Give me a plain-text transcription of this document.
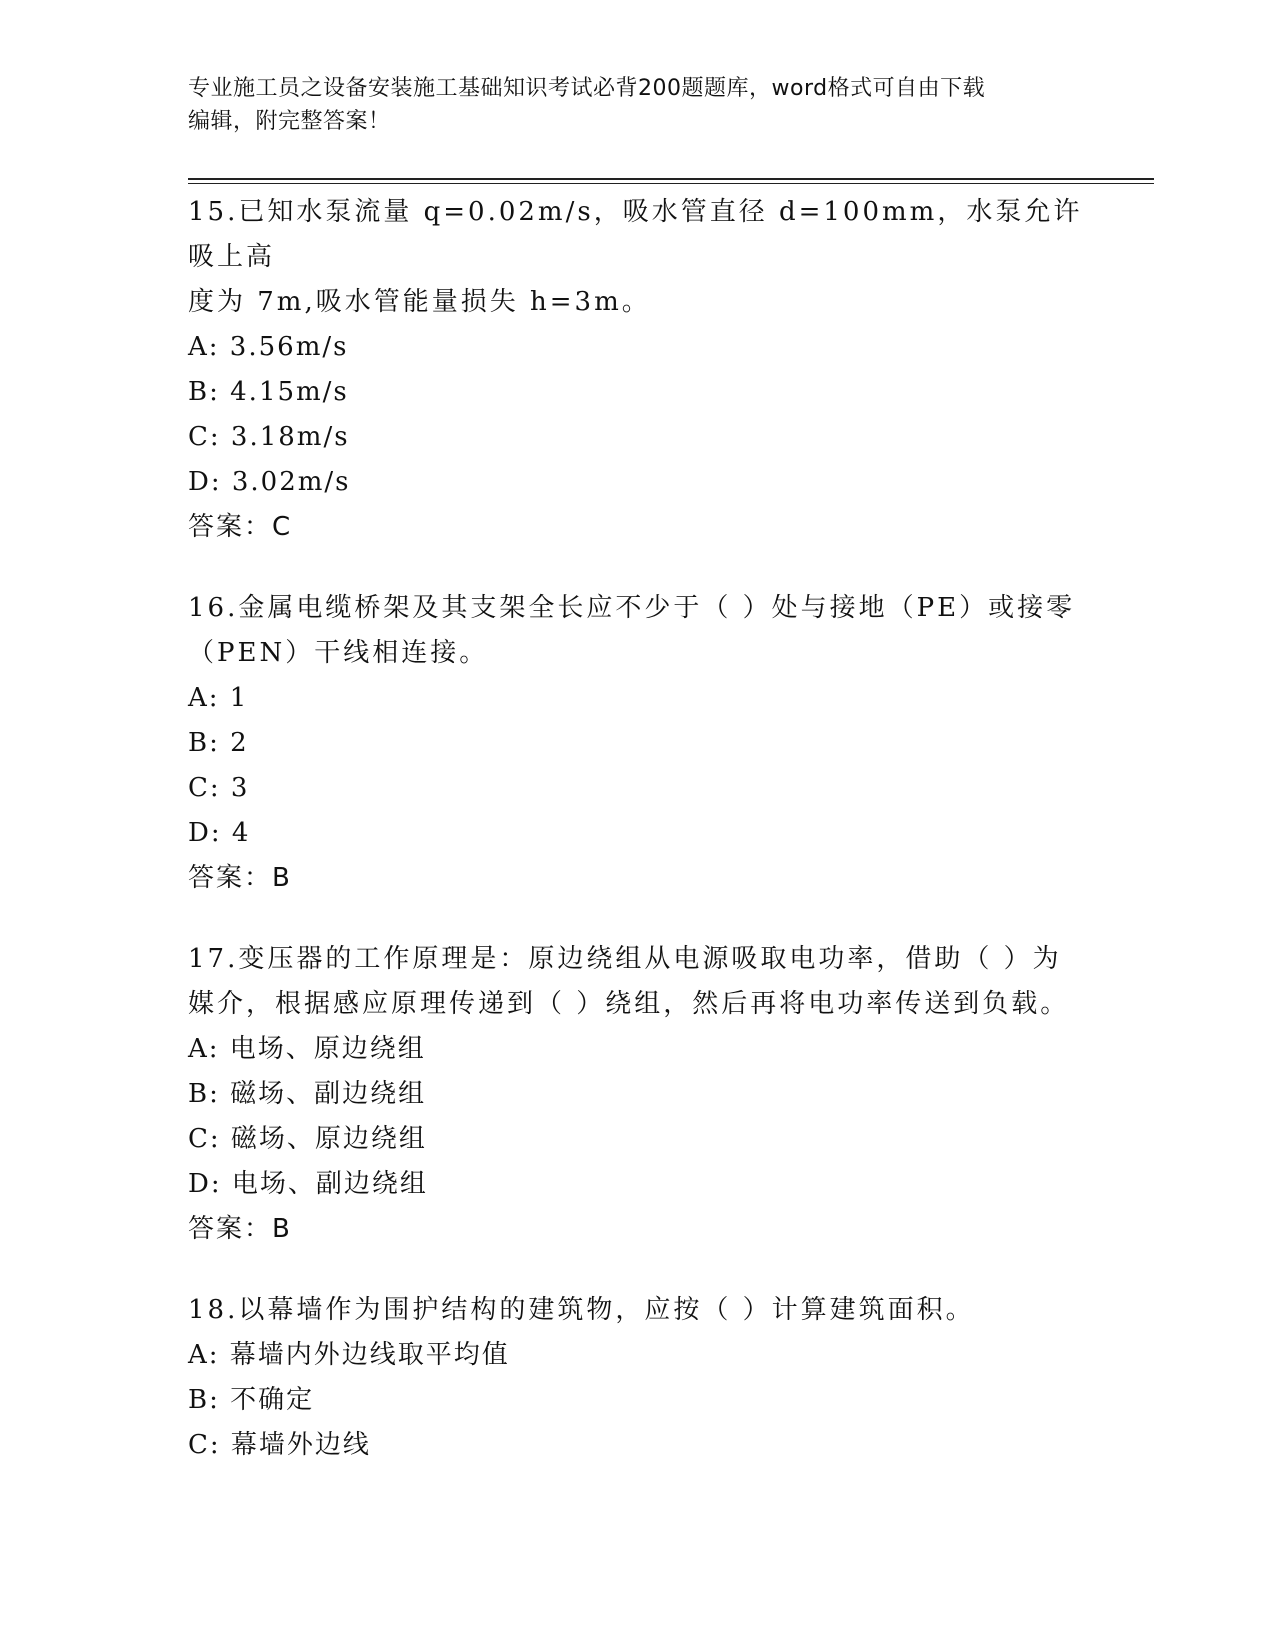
专业施工员之设备安装施工基础知识考试必背200题题库，word格式可自由下载
编辑，附完整答案！
15.已知水泵流量 q=0.02m/s，吸水管直径 d=100mm，水泵允许吸上高
度为 7m,吸水管能量损失 h=3m。
A: 3.56m/s
B: 4.15m/s
C: 3.18m/s
D: 3.02m/s
答案：C
16.金属电缆桥架及其支架全长应不少于（ ）处与接地（PE）或接零
（PEN）干线相连接。
A: 1
B: 2
C: 3
D: 4
答案：B
17.变压器的工作原理是：原边绕组从电源吸取电功率，借助（ ）为
媒介，根据感应原理传递到（ ）绕组，然后再将电功率传送到负载。
A: 电场、原边绕组
B: 磁场、副边绕组
C: 磁场、原边绕组
D: 电场、副边绕组
答案：B
18.以幕墙作为围护结构的建筑物，应按（ ）计算建筑面积。
A: 幕墙内外边线取平均值
B: 不确定
C: 幕墙外边线
